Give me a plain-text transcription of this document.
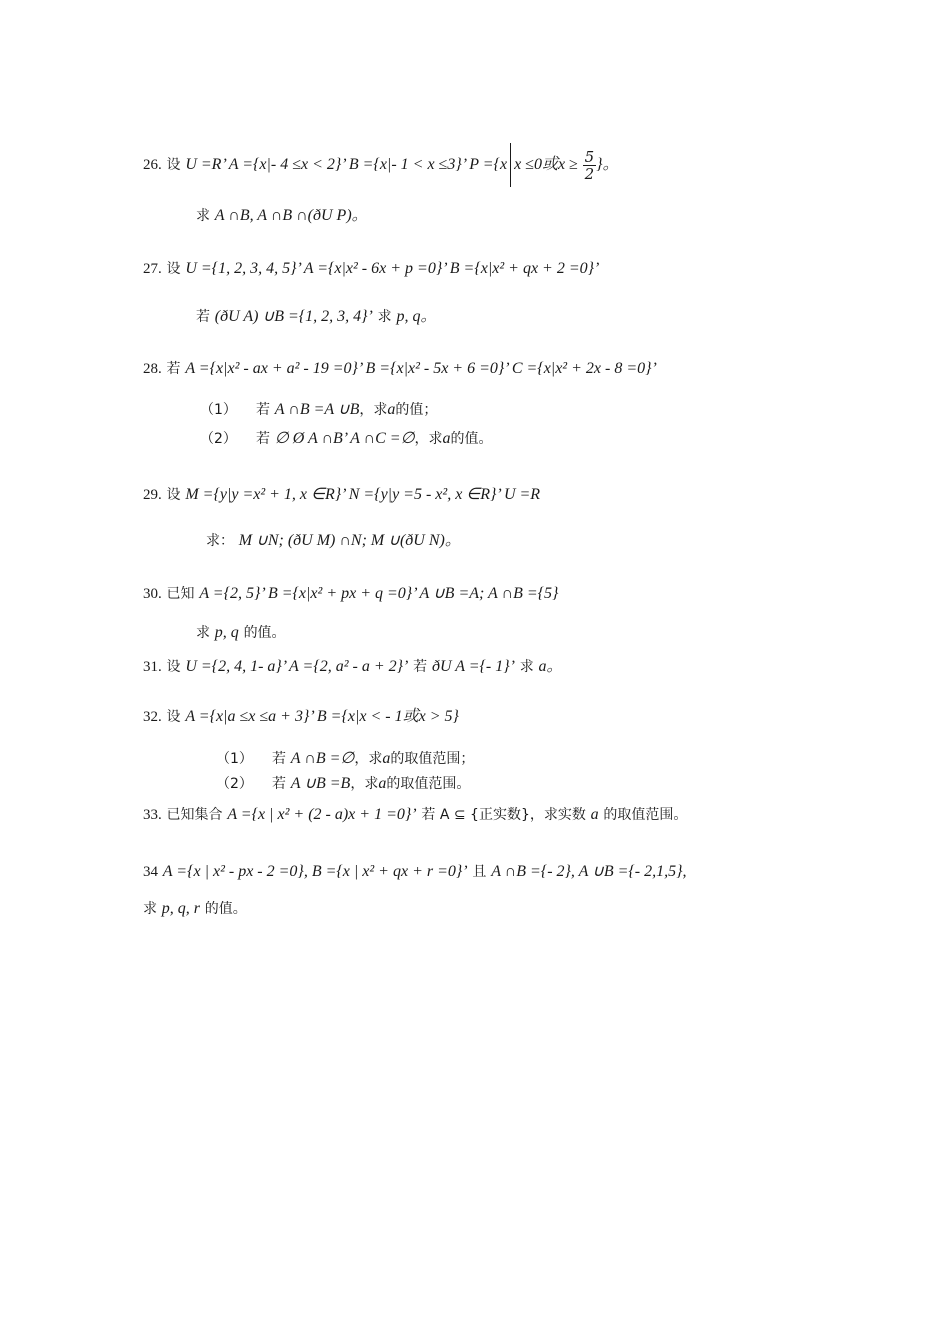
26. 设 U =R’ A ={x|- 4 ≤x < 2}’ B ={x|- 1 < x ≤3}’ P ={x x ≤0或$x \ge \frac{5}{2}$ }。
求 A ∩B, A ∩B ∩(ðU P)。
27. 设 U ={1, 2, 3, 4, 5}’ A ={x|x² - 6x + p =0}’ B ={x|x² + qx + 2 =0}’
若 (ðU A) ∪B ={1, 2, 3, 4}’ 求 p, q。
28. 若 A ={x|x² - ax + a² - 19 =0}’ B ={x|x² - 5x + 6 =0}’ C ={x|x² + 2x - 8 =0}’
（1） 若 A ∩B =A ∪B，求a的值；
（2） 若 ∅ Ø A ∩B’ A ∩C =∅，求a的值。
29. 设 M ={y|y =x² + 1, x ∈R}’ N ={y|y =5 - x², x ∈R}’ U =R
求： M ∪N; (ðU M) ∩N; M ∪(ðU N)。
30. 已知 A ={2, 5}’ B ={x|x² + px + q =0}’ A ∪B =A; A ∩B ={5}
求 p, q 的值。
31. 设 U ={2, 4, 1- a}’ A ={2, a² - a + 2}’ 若 ðU A ={- 1}’ 求 a。
32. 设 A ={x|a ≤x ≤a + 3}’ B ={x|x < - 1或x > 5}
（1） 若 A ∩B =∅，求a的取值范围；
（2） 若 A ∪B =B，求a的取值范围。
33. 已知集合 A ={x | x² + (2 - a)x + 1 =0}’ 若 A ⊆ {正实数}，求实数 a 的取值范围。
34 A ={x | x² - px - 2 =0}, B ={x | x² + qx + r =0}’ 且 A ∩B ={- 2}, A ∪B ={- 2,1,5},
求 p, q, r 的值。
